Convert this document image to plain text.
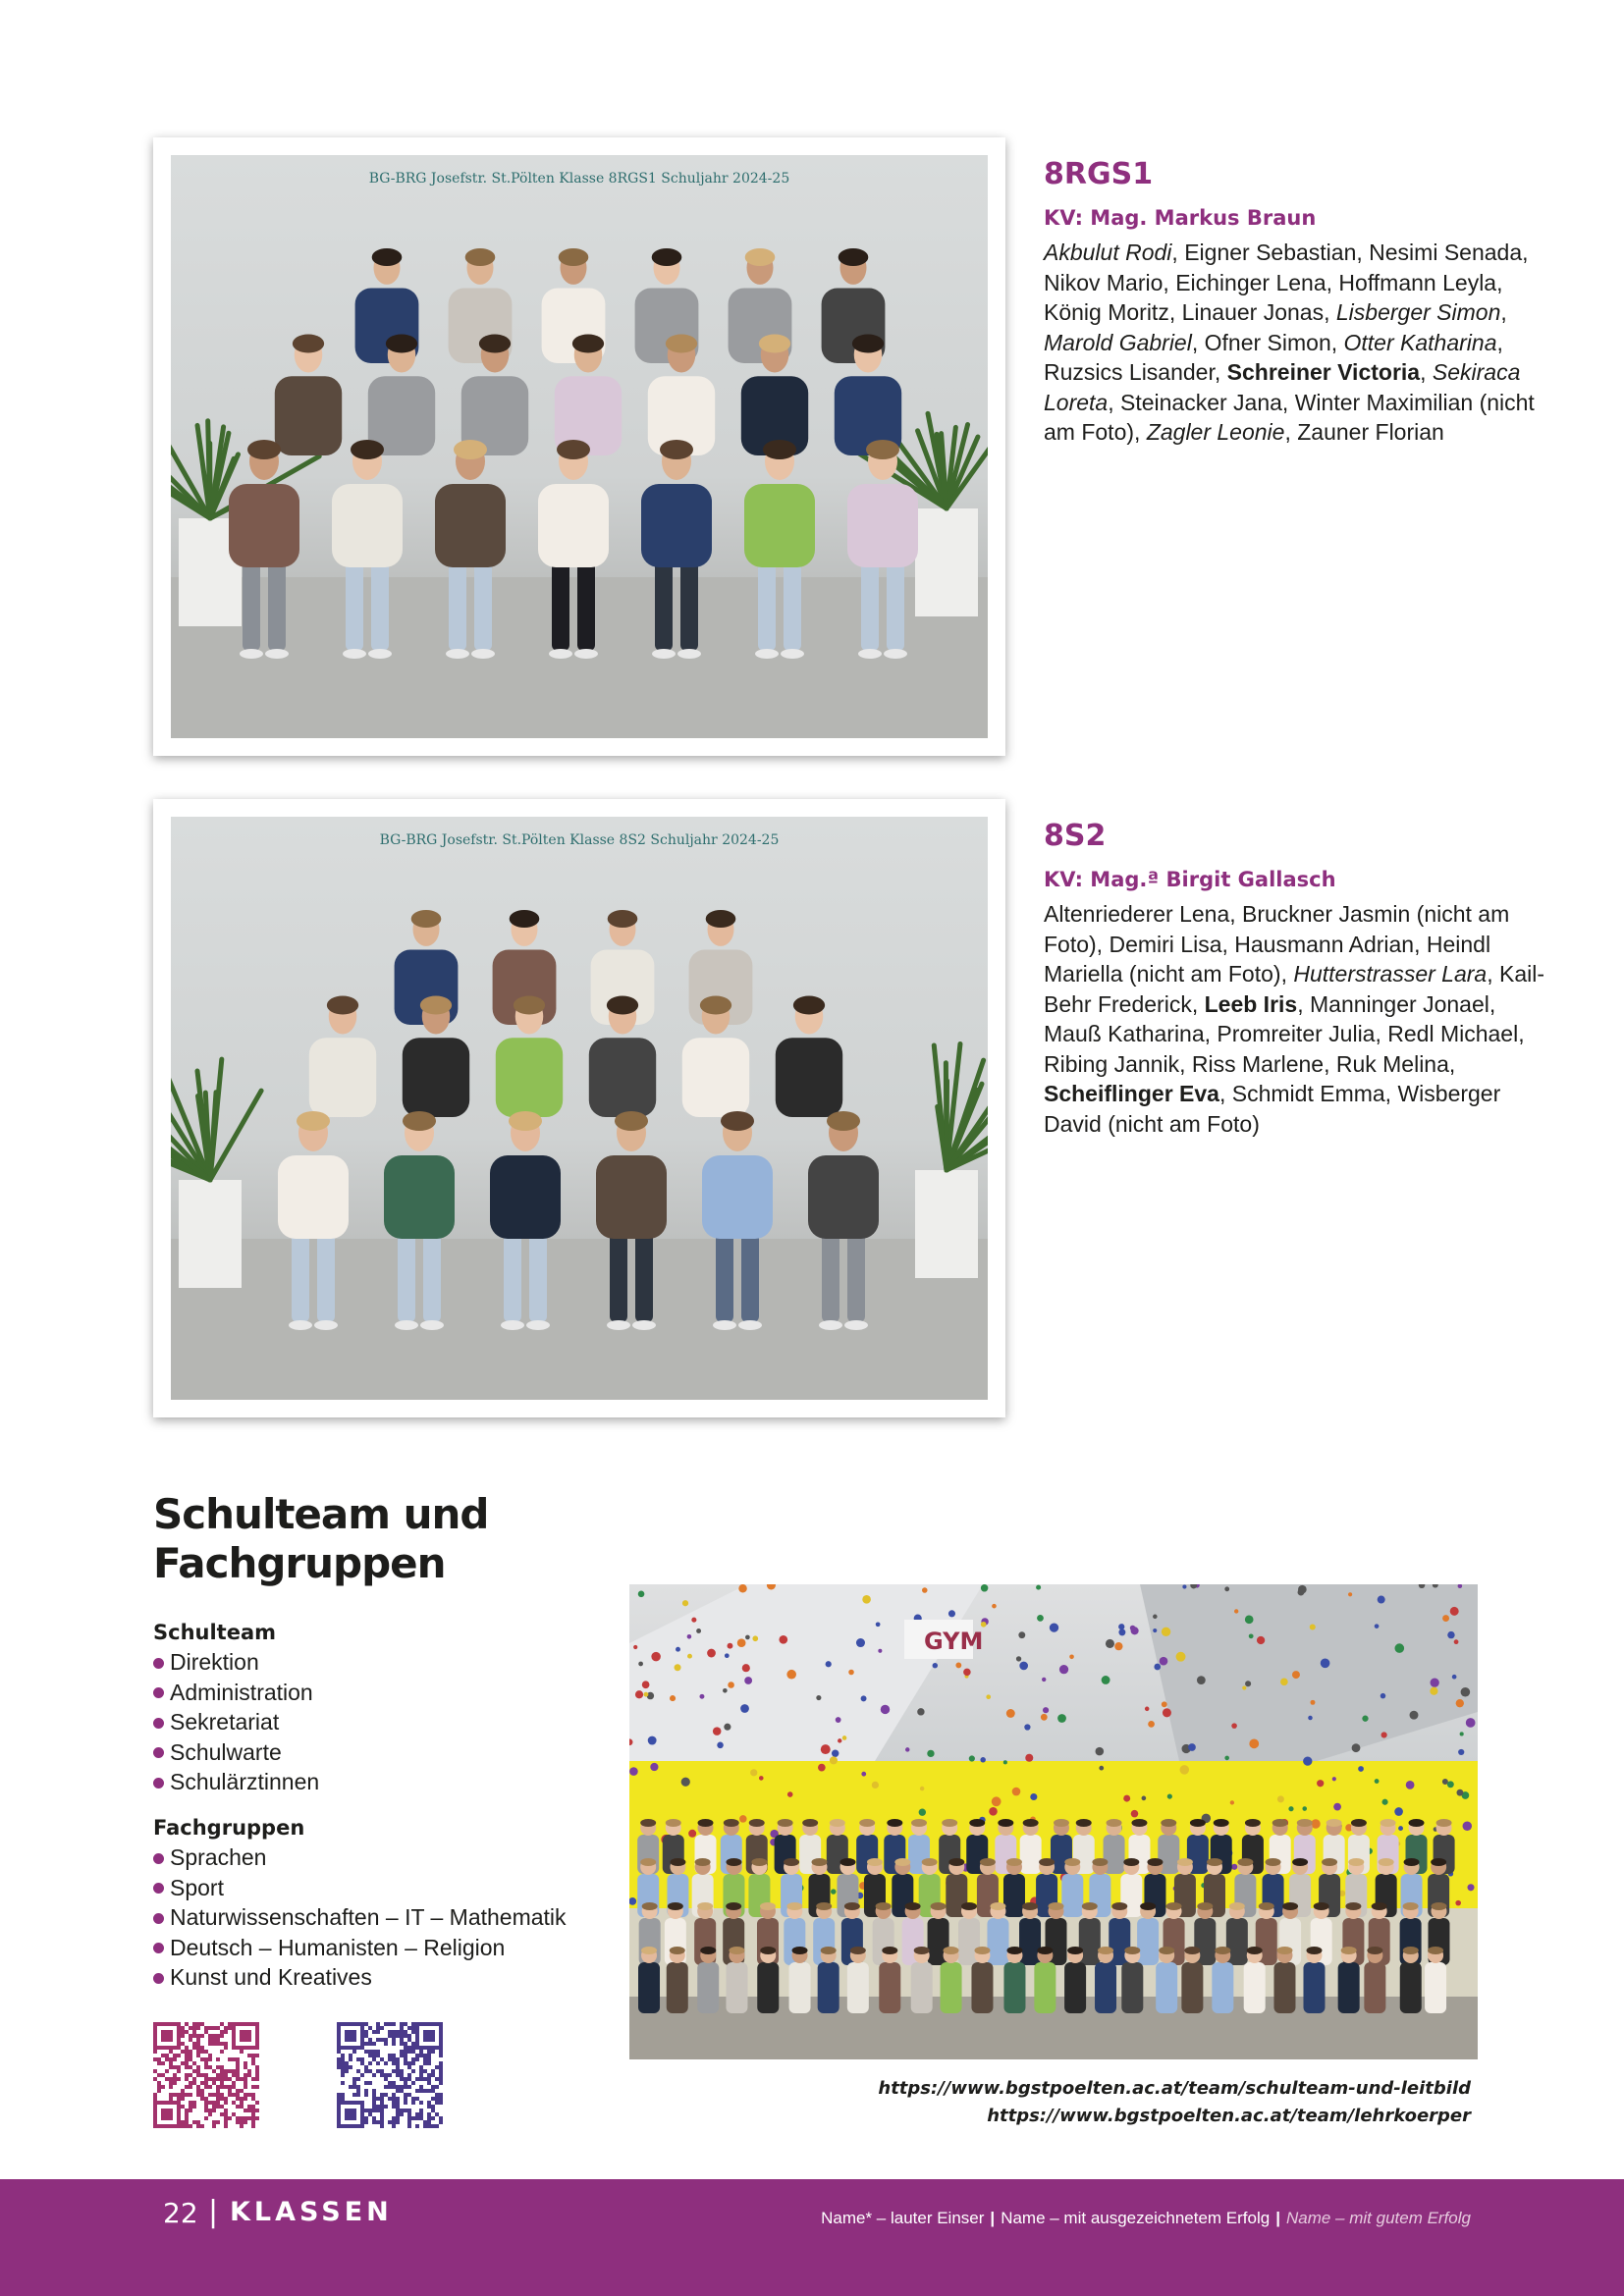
BG-BRG Josefstr. St.Pölten Klasse 8RGS1 Schuljahr 2024-25	8RGS1
KV: Mag. Markus Braun
Akbulut Rodi, Eigner Sebastian, Nesimi Senada, Nikov Mario, Eichinger Lena, Hoffmann Leyla, König Moritz, Linauer Jonas, Lisberger Simon, Marold Gabriel, Ofner Simon, Otter Katharina, Ruzsics Lisander, Schreiner Victoria, Sekiraca Loreta, Steinacker Jana, Winter Maximilian (nicht am Foto), Zagler Leonie, Zauner Florian
BG-BRG Josefstr. St.Pölten Klasse 8S2 Schuljahr 2024-25	8S2
KV: Mag.ª Birgit Gallasch
Altenriederer Lena, Bruckner Jasmin (nicht am Foto), Demiri Lisa, Hausmann Adrian, Heindl Mariella (nicht am Foto), Hutterstrasser Lara, Kail-Behr Frederick, Leeb Iris, Manninger Jonael, Mauß Katharina, Promreiter Julia, Redl Michael, Ribing Jannik, Riss Marlene, Ruk Melina, Scheiflinger Eva, Schmidt Emma, Wisberger David (nicht am Foto)
Schulteam und Fachgruppen
Schulteam
Direktion
Administration
Sekretariat
Schulwarte
Schulärztinnen
Fachgruppen
Sprachen
Sport
Naturwissenschaften – IT – Mathematik
Deutsch – Humanisten – Religion
Kunst und Kreatives
GYM
https://www.bgstpoelten.ac.at/team/schulteam-und-leitbild
https://www.bgstpoelten.ac.at/team/lehrkoerper
22 | KLASSEN	Name* – lauter Einser | Name – mit ausgezeichnetem Erfolg | Name – mit gutem Erfolg
